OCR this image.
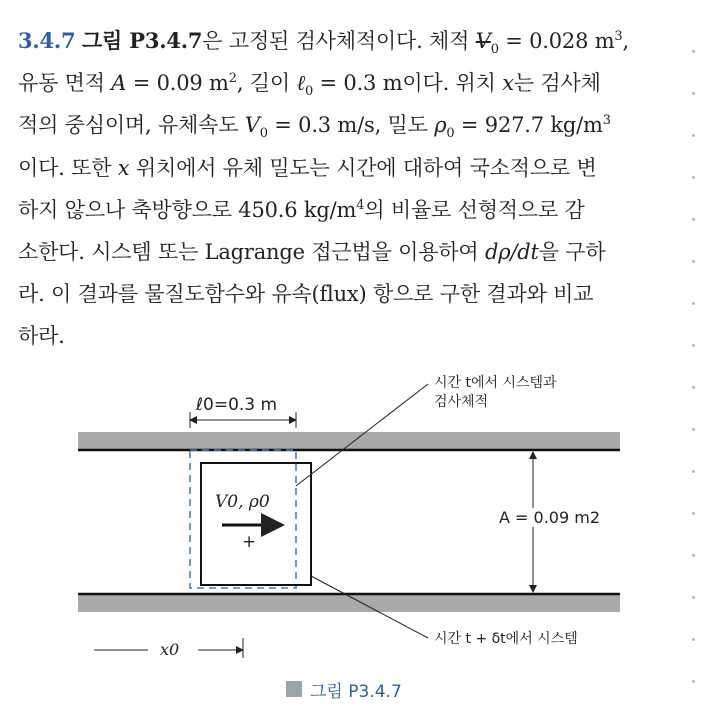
3.4.7 그림 P3.4.7은 고정된 검사체적이다. 체적 $V_0 = 0.028$ $m^3$,
유동 면적 A = 0.09 $m^2$, 길이 ℓ$_0$ = 0.3 m이다. 위치 x는 검사체
적의 중심이며, 유체속도 $V_0 = 0.3$ m/s, 밀도 $\rho_0 = 927.7$ $kg/m^3$
이다. 또한 x 위치에서 유체 밀도는 시간에 대하여 국소적으로 변
하지 않으나 축방향으로 450.6 $kg/m^4$의 비율로 선형적으로 감
소한다. 시스템 또는 Lagrange 접근법을 이용하여 dρ/dt을 구하
라. 이 결과를 물질도함수와 유속(flux) 항으로 구한 결과와 비교
하라.
ℓ0=0.3 m
시간 t에서 시스템과
검사체적
V0, ρ0
+
A = 0.09 m2
x0
시간 t + δt에서 시스템
그림 P3.4.7
